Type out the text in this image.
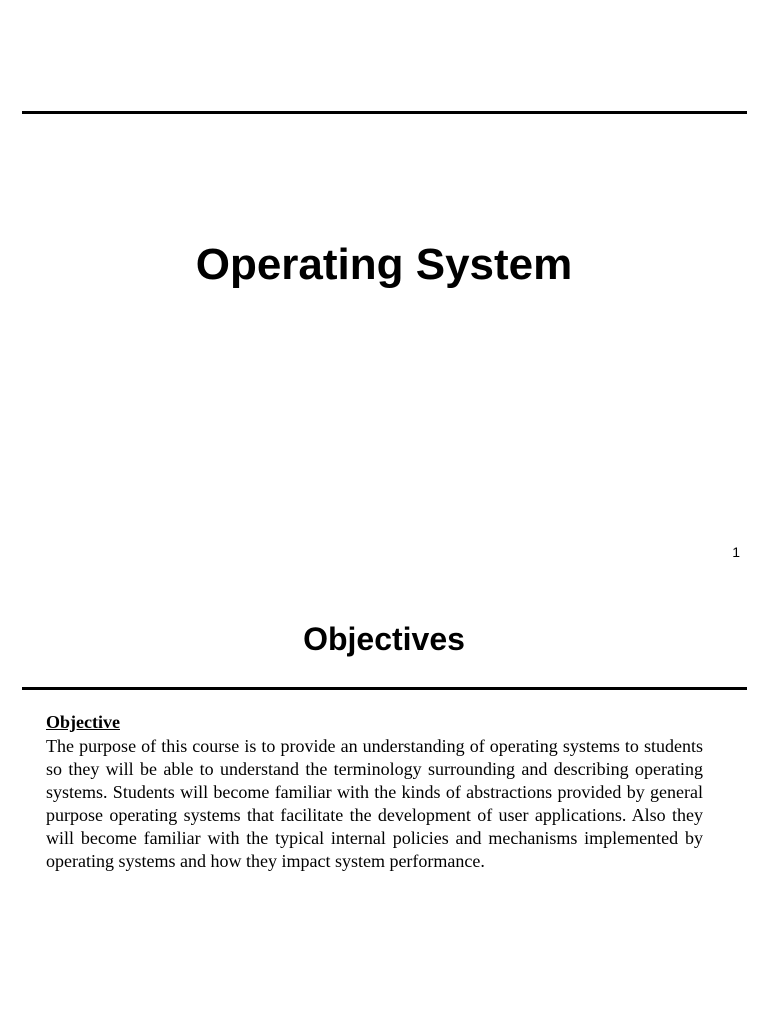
Operating System
1
Objectives
Objective

The purpose of this course is to provide an understanding of operating systems to students so they will be able to understand the terminology surrounding and describing operating systems. Students will become familiar with the kinds of abstractions provided by general purpose operating systems that facilitate the development of user applications. Also they will become familiar with the typical internal policies and mechanisms implemented by operating systems and how they impact system performance.
